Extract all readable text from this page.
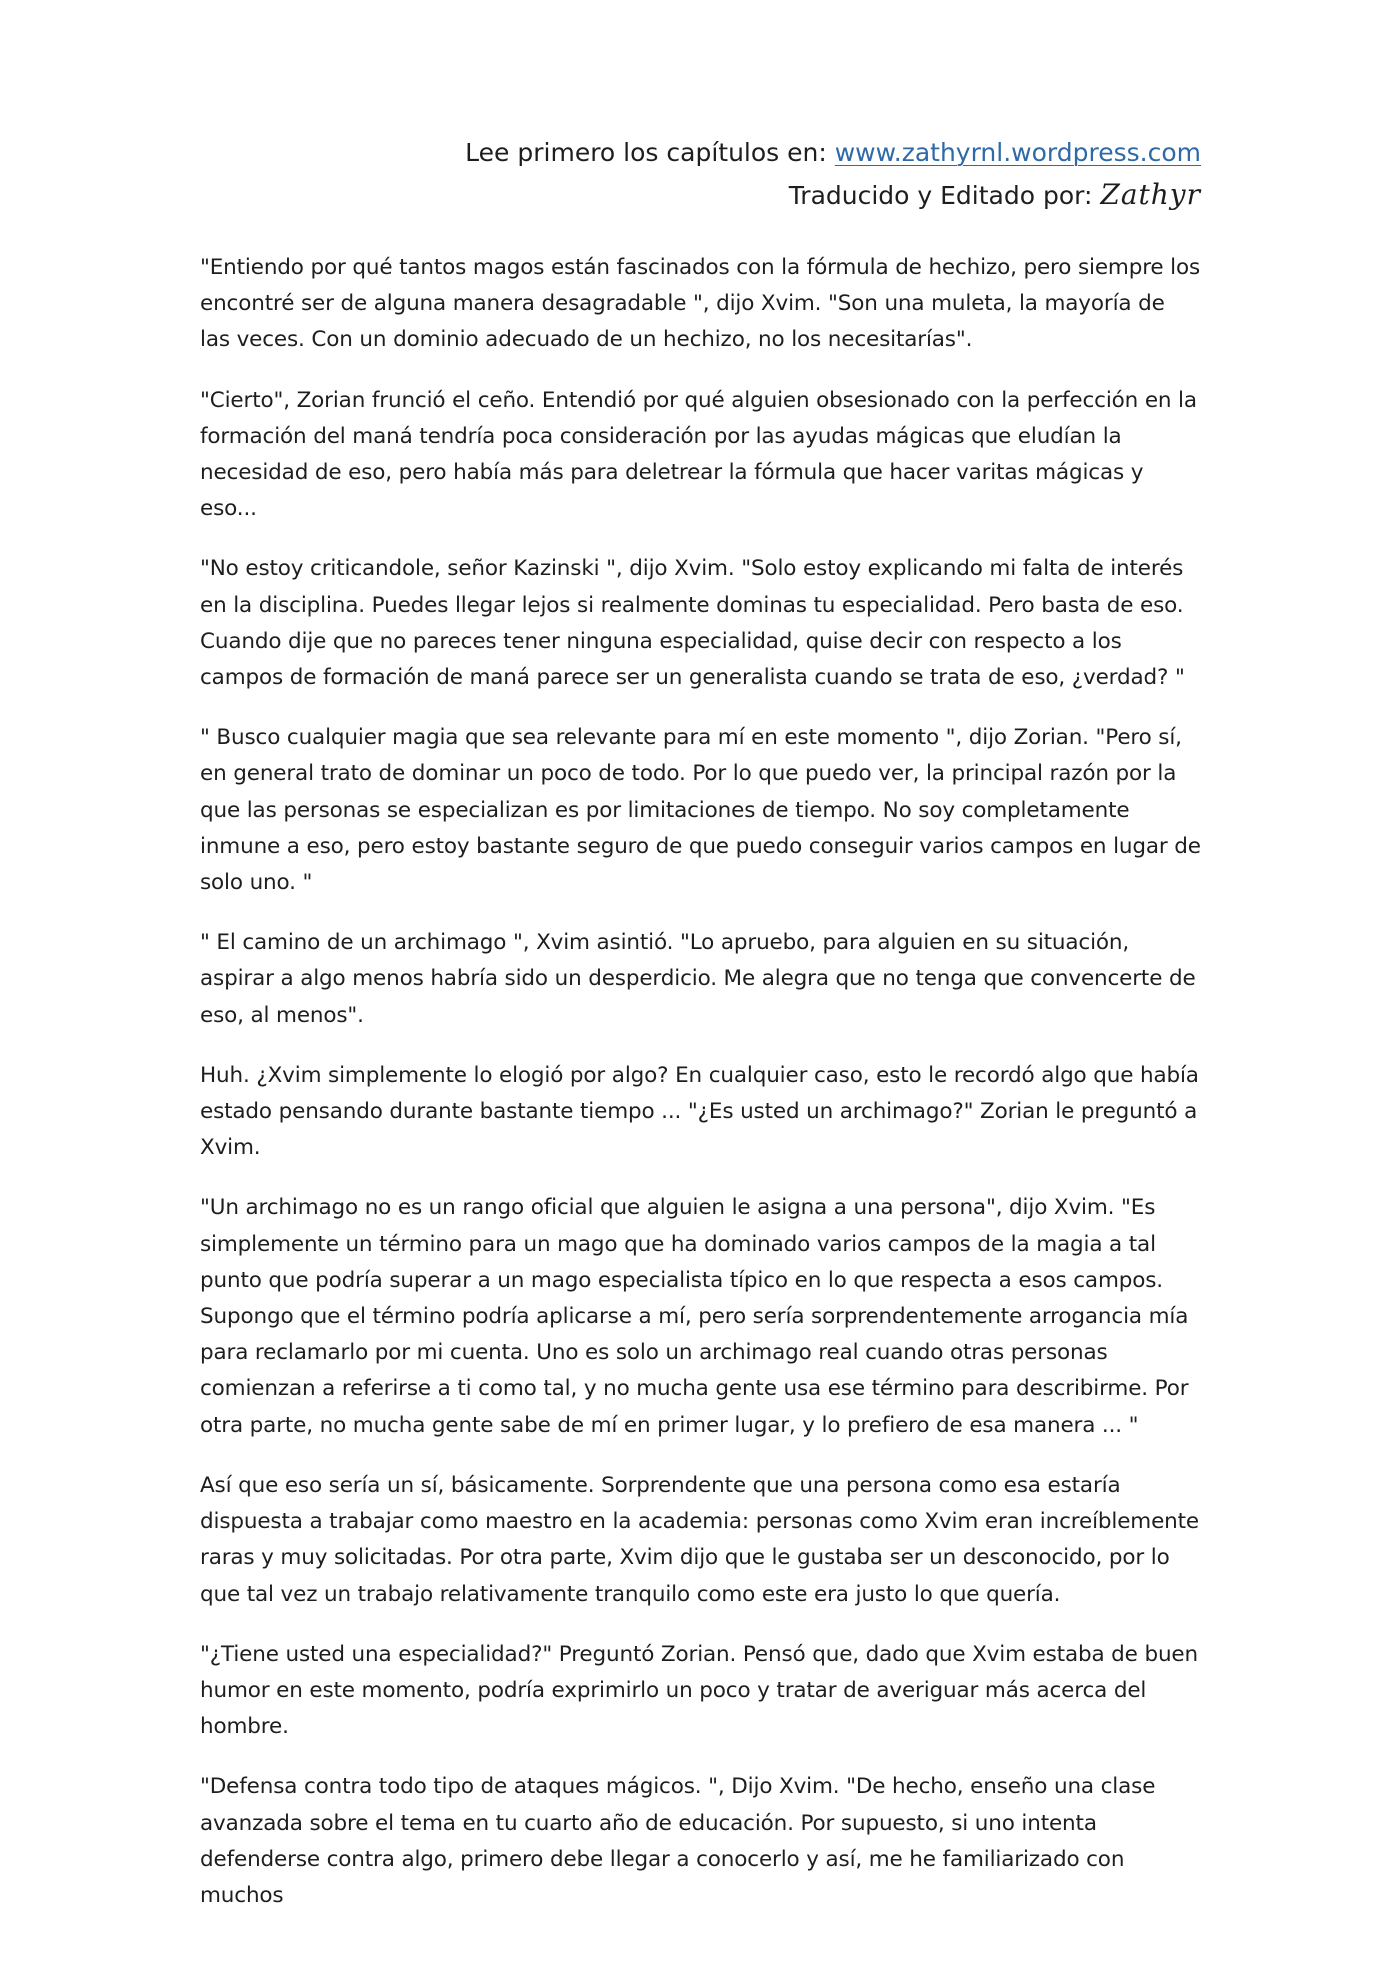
Lee primero los capítulos en: www.zathyrnl.wordpress.com
Traducido y Editado por: Zathyr

"Entiendo por qué tantos magos están fascinados con la fórmula de hechizo, pero siempre los encontré ser de alguna manera desagradable ", dijo Xvim. "Son una muleta, la mayoría de las veces. Con un dominio adecuado de un hechizo, no los necesitarías".

"Cierto", Zorian frunció el ceño. Entendió por qué alguien obsesionado con la perfección en la formación del maná tendría poca consideración por las ayudas mágicas que eludían la necesidad de eso, pero había más para deletrear la fórmula que hacer varitas mágicas y eso...

"No estoy criticandole, señor Kazinski ", dijo Xvim. "Solo estoy explicando mi falta de interés en la disciplina. Puedes llegar lejos si realmente dominas tu especialidad. Pero basta de eso. Cuando dije que no pareces tener ninguna especialidad, quise decir con respecto a los campos de formación de maná parece ser un generalista cuando se trata de eso, ¿verdad? "

" Busco cualquier magia que sea relevante para mí en este momento ", dijo Zorian. "Pero sí, en general trato de dominar un poco de todo. Por lo que puedo ver, la principal razón por la que las personas se especializan es por limitaciones de tiempo. No soy completamente inmune a eso, pero estoy bastante seguro de que puedo conseguir varios campos en lugar de solo uno. "

" El camino de un archimago ", Xvim asintió. "Lo apruebo, para alguien en su situación, aspirar a algo menos habría sido un desperdicio. Me alegra que no tenga que convencerte de eso, al menos".

Huh. ¿Xvim simplemente lo elogió por algo? En cualquier caso, esto le recordó algo que había estado pensando durante bastante tiempo ... "¿Es usted un archimago?" Zorian le preguntó a Xvim.

"Un archimago no es un rango oficial que alguien le asigna a una persona", dijo Xvim. "Es simplemente un término para un mago que ha dominado varios campos de la magia a tal punto que podría superar a un mago especialista típico en lo que respecta a esos campos. Supongo que el término podría aplicarse a mí, pero sería sorprendentemente arrogancia mía para reclamarlo por mi cuenta. Uno es solo un archimago real cuando otras personas comienzan a referirse a ti como tal, y no mucha gente usa ese término para describirme. Por otra parte, no mucha gente sabe de mí en primer lugar, y lo prefiero de esa manera ... "

Así que eso sería un sí, básicamente. Sorprendente que una persona como esa estaría dispuesta a trabajar como maestro en la academia: personas como Xvim eran increíblemente raras y muy solicitadas. Por otra parte, Xvim dijo que le gustaba ser un desconocido, por lo que tal vez un trabajo relativamente tranquilo como este era justo lo que quería.

"¿Tiene usted una especialidad?" Preguntó Zorian. Pensó que, dado que Xvim estaba de buen humor en este momento, podría exprimirlo un poco y tratar de averiguar más acerca del hombre.

"Defensa contra todo tipo de ataques mágicos. ", Dijo Xvim. "De hecho, enseño una clase avanzada sobre el tema en tu cuarto año de educación. Por supuesto, si uno intenta defenderse contra algo, primero debe llegar a conocerlo y así, me he familiarizado con muchos
